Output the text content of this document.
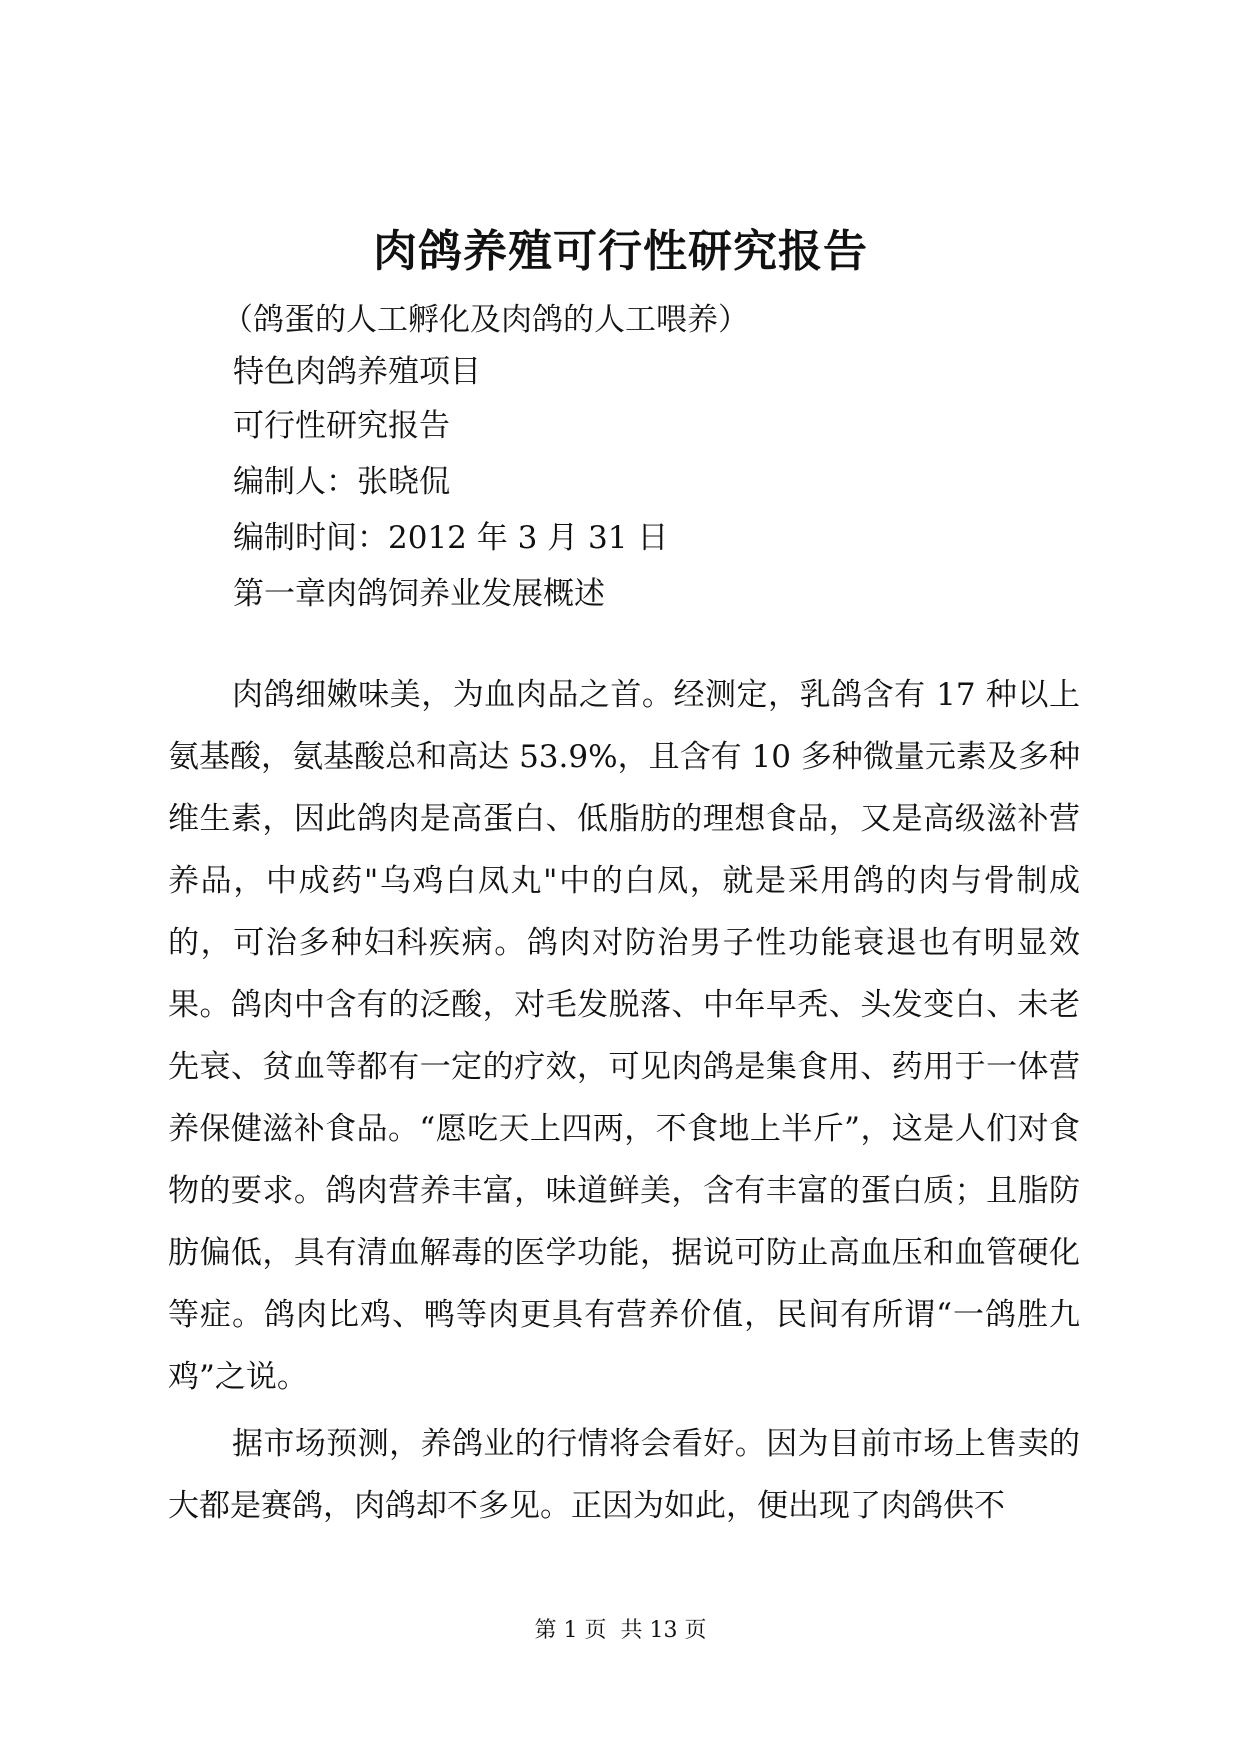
肉鸽养殖可行性研究报告

（鸽蛋的人工孵化及肉鸽的人工喂养）

特色肉鸽养殖项目

可行性研究报告

编制人：张晓侃

编制时间：2012 年 3 月 31 日

第一章肉鸽饲养业发展概述

肉鸽细嫩味美，为血肉品之首。经测定，乳鸽含有 17 种以上氨基酸，氨基酸总和高达 53.9%，且含有 10 多种微量元素及多种维生素，因此鸽肉是高蛋白、低脂肪的理想食品，又是高级滋补营养品，中成药"乌鸡白凤丸"中的白凤，就是采用鸽的肉与骨制成的，可治多种妇科疾病。鸽肉对防治男子性功能衰退也有明显效果。鸽肉中含有的泛酸，对毛发脱落、中年早秃、头发变白、未老先衰、贫血等都有一定的疗效，可见肉鸽是集食用、药用于一体营养保健滋补食品。“愿吃天上四两，不食地上半斤”，这是人们对食物的要求。鸽肉营养丰富，味道鲜美，含有丰富的蛋白质；且脂防肪偏低，具有清血解毒的医学功能，据说可防止高血压和血管硬化等症。鸽肉比鸡、鸭等肉更具有营养价值，民间有所谓“一鸽胜九鸡”之说。

据市场预测，养鸽业的行情将会看好。因为目前市场上售卖的大都是赛鸽，肉鸽却不多见。正因为如此，便出现了肉鸽供不

第 1 页  共 13 页
